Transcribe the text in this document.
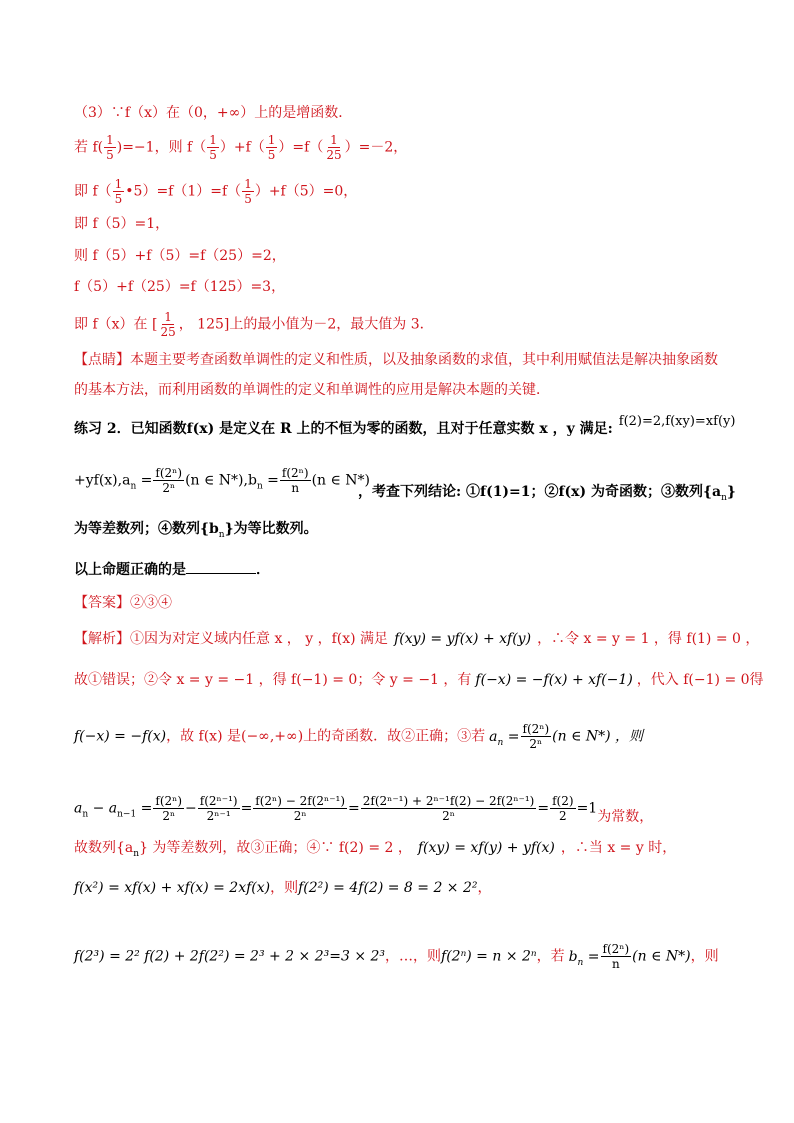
（3）∵f（x）在（0，+∞）上的是增函数．
若 $f( \frac{1}{5} )=-1$，则 $f( \frac{1}{5} )+f( \frac{1}{5} )=f( \frac{1}{25} )=-2$，
即 $f( \frac{1}{5}$ •5）=f（1）=f（ $\frac{1}{5} )+f(5)=0$，
即 f（5）=1，
则 f（5）+f（5）=f（25）=2，
f（5）+f（25）=f（125）=3，
即 f（x）在 [ $\frac{1}{25}$ ， 125]上的最小值为－2，最大值为 3．
【点睛】本题主要考查函数单调性的定义和性质，以及抽象函数的求值，其中利用赋值法是解决抽象函数
的基本方法，而利用函数的单调性的定义和单调性的应用是解决本题的关键．
练习 2．已知函数f(x) 是定义在 R 上的不恒为零的函数，且对于任意实数 x ，y 满足: f(2)=2,f(xy)=xf(y)
$+yf(x),a_n = \frac{\text{f(2ⁿ)}}{\text{2ⁿ}} (n$ ∈ $N*),b_n = \frac{\text{f(2ⁿ)}}{n} (n$ ∈ N*)
，考查下列结论: ①f(1)=1；②f(x) 为奇函数；③数列$\{a_n\}$
为等差数列；④数列$\{b_n\}$为等比数列。
以上命题正确的是	．
【答案】②③④
【解析】①因为对定义域内任意 x ， y ，f(x) 满足 f(xy) = yf(x) + xf(y) ，∴令 x = y = 1 ，得 f(1) = 0 ，
故①错误；②令 x = y = −1 ，得 f(−1) = 0；令 y = −1 ，有 f(−x) = −f(x) + xf(−1) ，代入 f(−1) = 0得
f(−x) = −f(x)，故 f(x) 是(−∞,+∞)上的奇函数．故②正确；③若 $a_n = \frac{\text{f(2ⁿ)}}{\text{2ⁿ}} (n$ ∈ N*) ，则
$a_n - a_{n-1} = \frac{\text{f(2ⁿ)}}{\text{2ⁿ}} - \frac{\text{f(2ⁿ⁻¹)}}{\text{2ⁿ⁻¹}} = \frac{\text{f(2ⁿ) − 2f(2ⁿ⁻¹)}}{\text{2ⁿ}} = \frac{\text{2f(2ⁿ⁻¹) + 2ⁿ⁻¹f(2) − 2f(2ⁿ⁻¹)}}{\text{2ⁿ}} = \frac{f(2)}{2} =1$为常数，
故数列$\{a_n\}$ 为等差数列，故③正确；④∵ f(2) = 2 ， f(xy) = xf(y) + yf(x) ，∴当 x = y 时，
f(x²) = xf(x) + xf(x) = 2xf(x)，则f(2²) = 4f(2) = 8 = 2 × 2²，
f(2³) = 2² f(2) + 2f(2²) = 2³ + 2 × 2³=3 × 2³，…，则f(2ⁿ) = n × 2ⁿ，若 $b_n = \frac{\text{f(2ⁿ)}}{n} (n$ ∈ N*)，则
